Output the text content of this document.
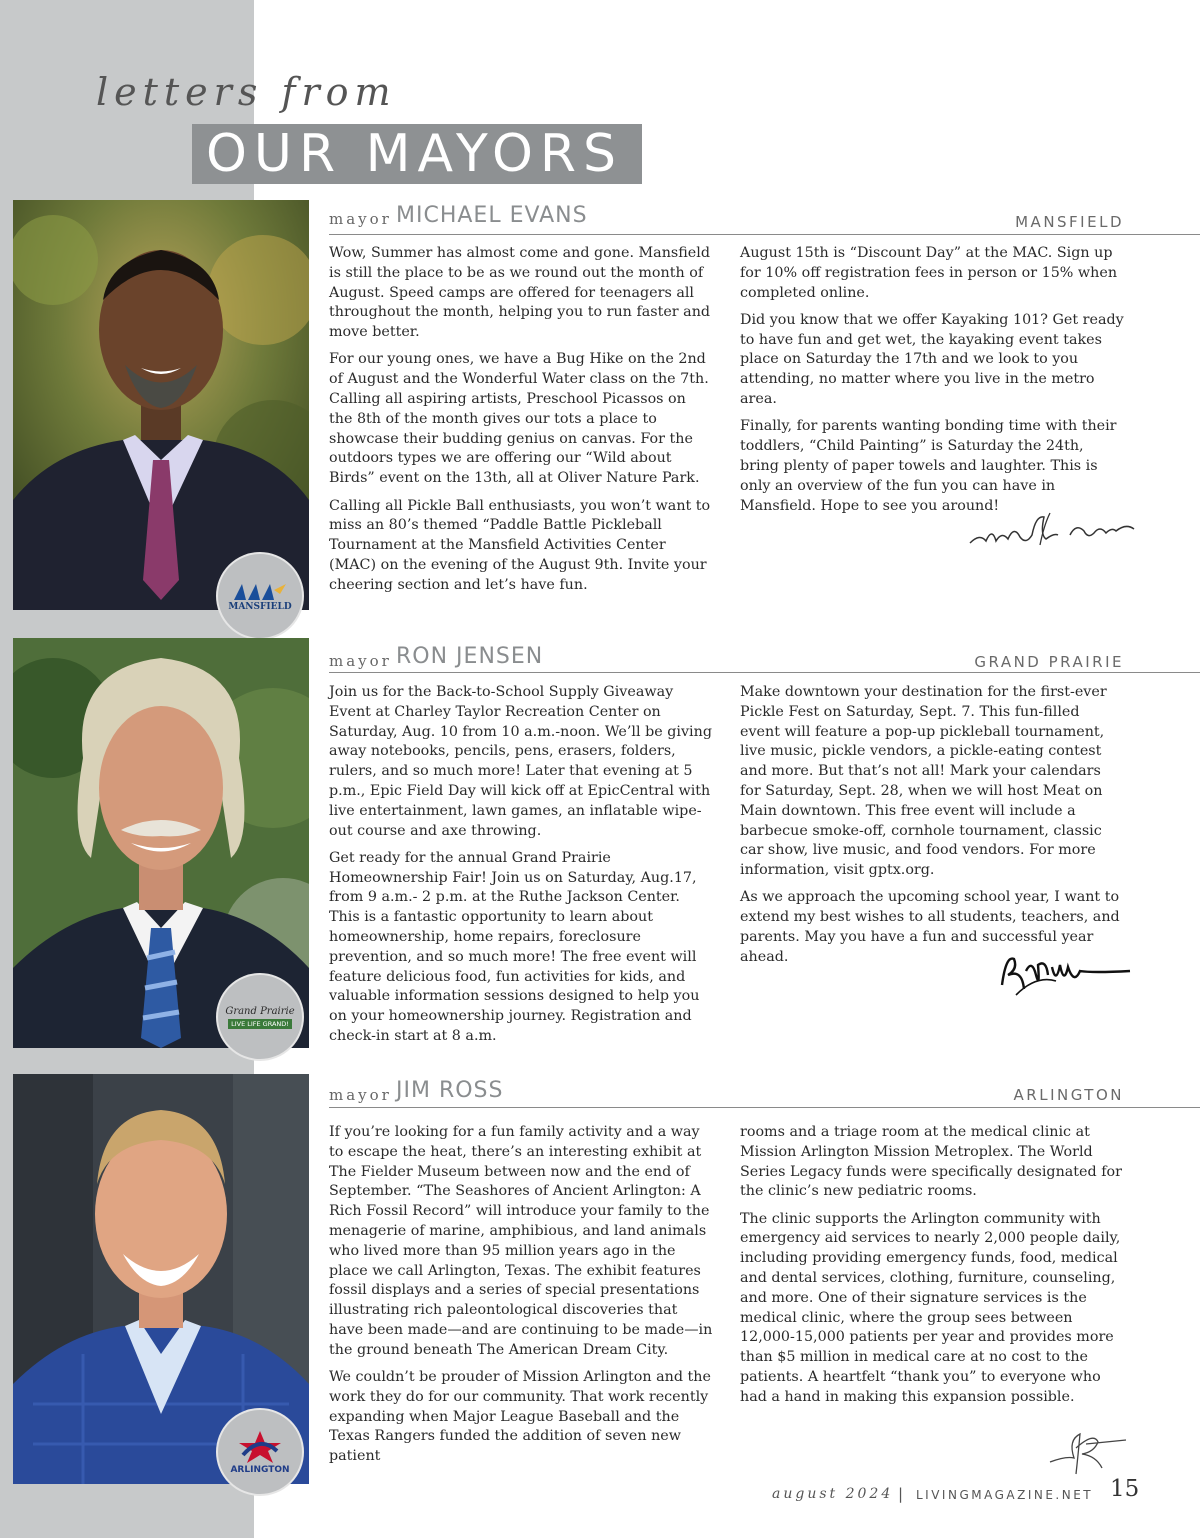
letters from
OUR MAYORS
MANSFIELD
mayor MICHAEL EVANS	MANSFIELD

Wow, Summer has almost come and gone. Mansfield is still the place to be as we round out the month of August. Speed camps are offered for teenagers all throughout the month, helping you to run faster and move better.

For our young ones, we have a Bug Hike on the 2nd of August and the Wonderful Water class on the 7th. Calling all aspiring artists, Preschool Picassos on the 8th of the month gives our tots a place to showcase their budding genius on canvas. For the outdoors types we are offering our “Wild about Birds” event on the 13th, all at Oliver Nature Park.

Calling all Pickle Ball enthusiasts, you won’t want to miss an 80’s themed “Paddle Battle Pickleball Tournament at the Mansfield Activities Center (MAC) on the evening of the August 9th. Invite your cheering section and let’s have fun.

August 15th is “Discount Day” at the MAC. Sign up for 10% off registration fees in person or 15% when completed online.

Did you know that we offer Kayaking 101? Get ready to have fun and get wet, the kayaking event takes place on Saturday the 17th and we look to you attending, no matter where you live in the metro area.

Finally, for parents wanting bonding time with their toddlers, “Child Painting” is Saturday the 24th, bring plenty of paper towels and laughter. This is only an overview of the fun you can have in Mansfield. Hope to see you around!

Grand Prairie
LIVE LIFE GRAND!
mayor RON JENSEN	GRAND PRAIRIE

Join us for the Back-to-School Supply Giveaway Event at Charley Taylor Recreation Center on Saturday, Aug. 10 from 10 a.m.-noon. We’ll be giving away notebooks, pencils, pens, erasers, folders, rulers, and so much more! Later that evening at 5 p.m., Epic Field Day will kick off at EpicCentral with live entertainment, lawn games, an inflatable wipe-out course and axe throwing.

Get ready for the annual Grand Prairie Homeownership Fair! Join us on Saturday, Aug.17, from 9 a.m.- 2 p.m. at the Ruthe Jackson Center. This is a fantastic opportunity to learn about homeownership, home repairs, foreclosure prevention, and so much more! The free event will feature delicious food, fun activities for kids, and valuable information sessions designed to help you on your homeownership journey. Registration and check-in start at 8 a.m.

Make downtown your destination for the first-ever Pickle Fest on Saturday, Sept. 7. This fun-filled event will feature a pop-up pickleball tournament, live music, pickle vendors, a pickle-eating contest and more. But that’s not all! Mark your calendars for Saturday, Sept. 28, when we will host Meat on Main downtown. This free event will include a barbecue smoke-off, cornhole tournament, classic car show, live music, and food vendors. For more information, visit gptx.org.

As we approach the upcoming school year, I want to extend my best wishes to all students, teachers, and parents. May you have a fun and successful year ahead.

ARLINGTON
mayor JIM ROSS	ARLINGTON

If you’re looking for a fun family activity and a way to escape the heat, there’s an interesting exhibit at The Fielder Museum between now and the end of September. “The Seashores of Ancient Arlington: A Rich Fossil Record” will introduce your family to the menagerie of marine, amphibious, and land animals who lived more than 95 million years ago in the place we call Arlington, Texas. The exhibit features fossil displays and a series of special presentations illustrating rich paleontological discoveries that have been made—and are continuing to be made—in the ground beneath The American Dream City.

We couldn’t be prouder of Mission Arlington and the work they do for our community. That work recently expanding when Major League Baseball and the Texas Rangers funded the addition of seven new patient

rooms and a triage room at the medical clinic at Mission Arlington Mission Metroplex. The World Series Legacy funds were specifically designated for the clinic’s new pediatric rooms.

The clinic supports the Arlington community with emergency aid services to nearly 2,000 people daily, including providing emergency funds, food, medical and dental services, clothing, furniture, counseling, and more. One of their signature services is the medical clinic, where the group sees between 12,000-15,000 patients per year and provides more than $5 million in medical care at no cost to the patients. A heartfelt “thank you” to everyone who had a hand in making this expansion possible.

august 2024 | LIVINGMAGAZINE.NET 15
